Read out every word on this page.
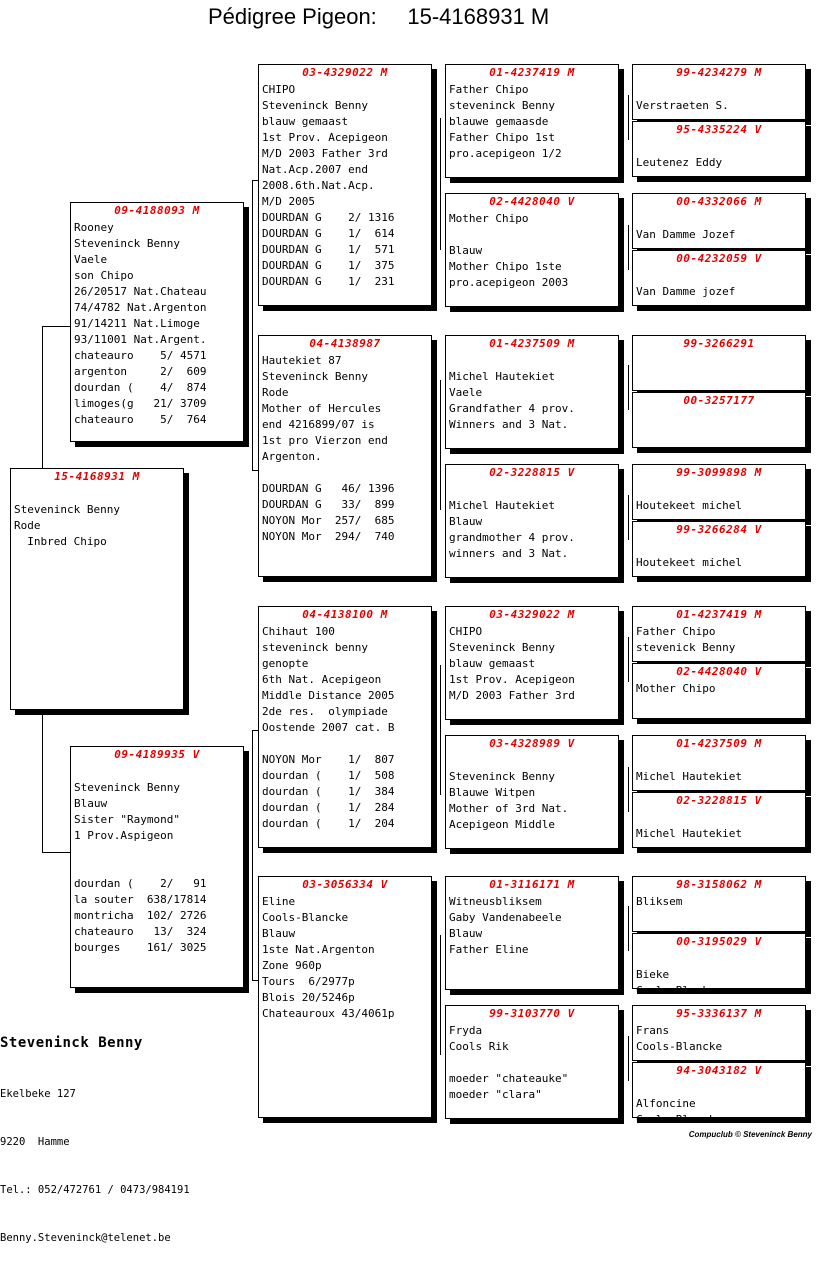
Pédigree Pigeon:     15-4168931 M
15-4168931 M
Steveninck Benny
Rode
Inbred Chipo
09-4188093 M
Rooney
Steveninck Benny
Vaele
son Chipo
26/20517 Nat.Chateau
74/4782 Nat.Argenton
91/14211 Nat.Limoge
93/11001 Nat.Argent.
chateauro    5/ 4571
argenton     2/  609
dourdan (    4/  874
limoges(g   21/ 3709
chateauro    5/  764
09-4189935 V
Steveninck Benny
Blauw
Sister "Raymond"
1 Prov.Aspigeon
dourdan (    2/   91
la souter  638/17814
montricha  102/ 2726
chateauro   13/  324
bourges    161/ 3025
03-4329022 M
CHIPO
Steveninck Benny
blauw gemaast
1st Prov. Acepigeon
M/D 2003 Father 3rd
Nat.Acp.2007 end
2008.6th.Nat.Acp.
M/D 2005
DOURDAN G    2/ 1316
DOURDAN G    1/  614
DOURDAN G    1/  571
DOURDAN G    1/  375
DOURDAN G    1/  231
04-4138987
Hautekiet 87
Steveninck Benny
Rode
Mother of Hercules
end 4216899/07 is
1st pro Vierzon end
Argenton.
DOURDAN G   46/ 1396
DOURDAN G   33/  899
NOYON Mor  257/  685
NOYON Mor  294/  740
04-4138100 M
Chihaut 100
steveninck benny
genopte
6th Nat. Acepigeon
Middle Distance 2005
2de res.  olympiade
Oostende 2007 cat. B
NOYON Mor    1/  807
dourdan (    1/  508
dourdan (    1/  384
dourdan (    1/  284
dourdan (    1/  204
03-3056334 V
Eline
Cools-Blancke
Blauw
1ste Nat.Argenton
Zone 960p
Tours  6/2977p
Blois 20/5246p
Chateauroux 43/4061p
01-4237419 M
Father Chipo
steveninck Benny
blauwe gemaasde
Father Chipo 1st
pro.acepigeon 1/2
02-4428040 V
Mother Chipo
Blauw
Mother Chipo 1ste
pro.acepigeon 2003
01-4237509 M
Michel Hautekiet
Vaele
Grandfather 4 prov.
Winners and 3 Nat.
02-3228815 V
Michel Hautekiet
Blauw
grandmother 4 prov.
winners and 3 Nat.
03-4329022 M
CHIPO
Steveninck Benny
blauw gemaast
1st Prov. Acepigeon
M/D 2003 Father 3rd
03-4328989 V
Steveninck Benny
Blauwe Witpen
Mother of 3rd Nat.
Acepigeon Middle
01-3116171 M
Witneusbliksem
Gaby Vandenabeele
Blauw
Father Eline
99-3103770 V
Fryda
Cools Rik
moeder "chateauke"
moeder "clara"
99-4234279 M
Verstraeten S.
95-4335224 V
Leutenez Eddy
00-4332066 M
Van Damme Jozef
00-4232059 V
Van Damme jozef
99-3266291
00-3257177
99-3099898 M
Houtekeet michel
99-3266284 V
Houtekeet michel
01-4237419 M
Father Chipo
stevenick Benny
02-4428040 V
Mother Chipo
01-4237509 M
Michel Hautekiet
02-3228815 V
Michel Hautekiet
98-3158062 M
Bliksem
00-3195029 V
Bieke
Cools-Blacke
95-3336137 M
Frans
Cools-Blancke
94-3043182 V
Alfoncine
Cools-Blancke
Steveninck Benny

Ekelbeke 127

9220  Hamme

Tel.: 052/472761 / 0473/984191

Benny.Steveninck@telenet.be

Compuclub © Steveninck Benny
